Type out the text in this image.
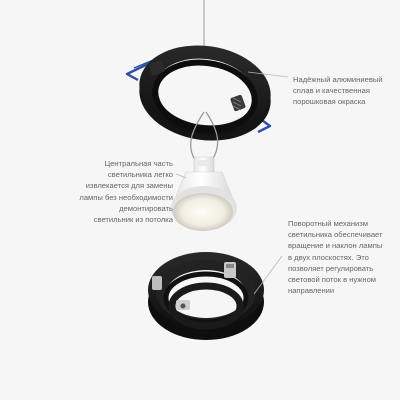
Надёжный алюминиевый
сплав и качественная
порошковая окраска
Центральная часть
светильника легко
извлекается для замены
лампы без необходимости
демонтировать
светильник из потолка	Поворотный механизм
светильника обеспечивает
вращение и наклон лампы
в двух плоскостях. Это
позволяет регулировать
световой поток в нужном
направлении
